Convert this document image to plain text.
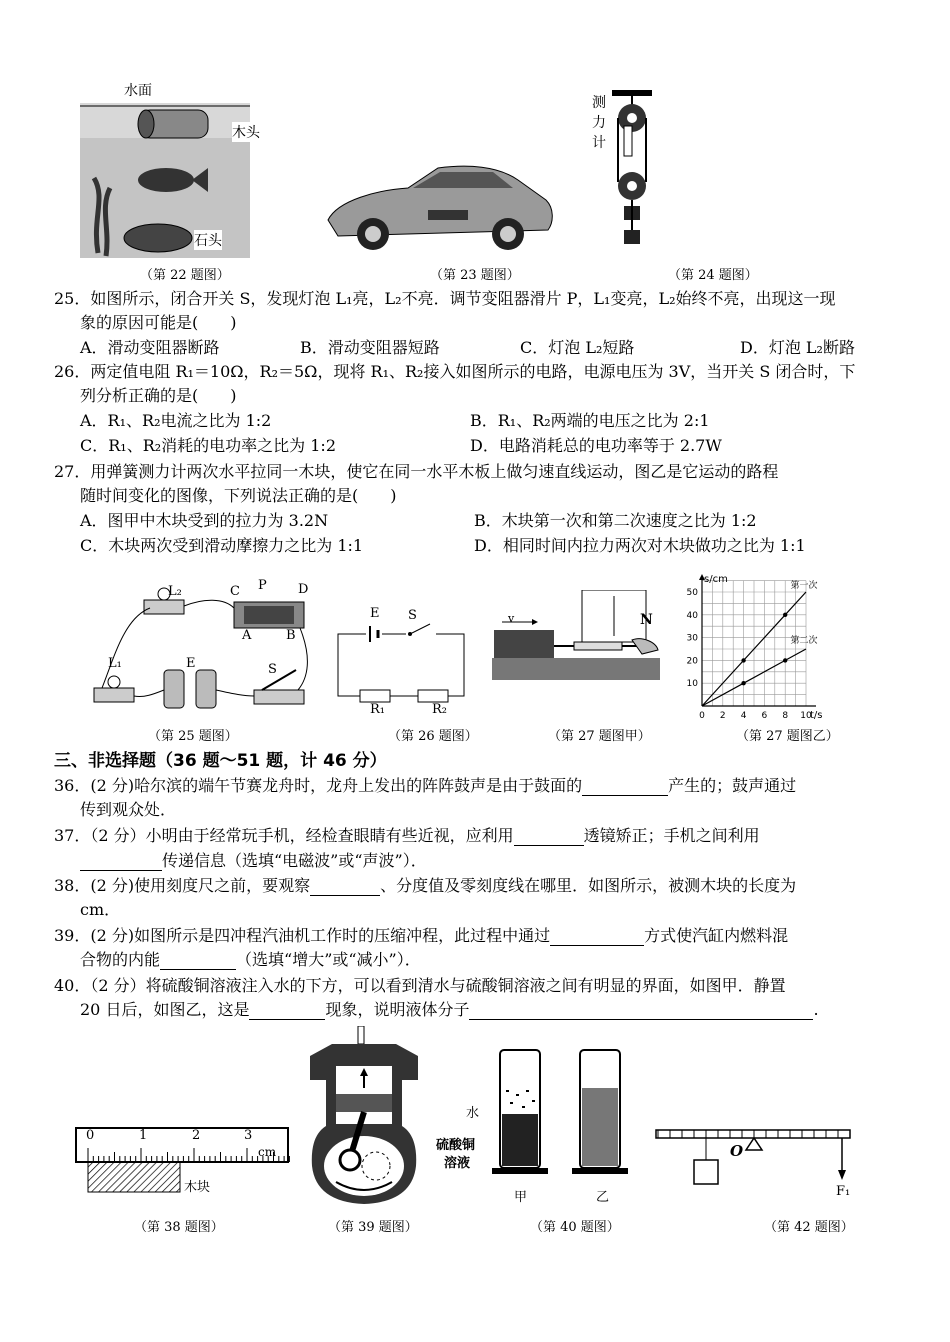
水面
木头
石头
（第 22 题图）	（第 23 题图）
测
力
计
（第 24 题图）
25．如图所示，闭合开关 S，发现灯泡 L₁亮，L₂不亮．调节变阻器滑片 P，L₁变亮，L₂始终不亮，出现这一现
象的原因可能是(　　)
A．滑动变阻器断路	B．滑动变阻器短路	C．灯泡 L₂短路	D．灯泡 L₂断路
26．两定值电阻 R₁＝10Ω，R₂＝5Ω，现将 R₁、R₂接入如图所示的电路，电源电压为 3V，当开关 S 闭合时，下
列分析正确的是(　　)
A．R₁、R₂电流之比为 1:2	B．R₁、R₂两端的电压之比为 2:1
C．R₁、R₂消耗的电功率之比为 1:2	D．电路消耗总的电功率等于 2.7W
27．用弹簧测力计两次水平拉同一木块，使它在同一水平木板上做匀速直线运动，图乙是它运动的路程
随时间变化的图像，下列说法正确的是(　　)
A．图甲中木块受到的拉力为 3.2N	B．木块第一次和第二次速度之比为 1:2
C．木块两次受到滑动摩擦力之比为 1:1	D．相同时间内拉力两次对木块做功之比为 1:1
L₂	C P D
A	B
L₁	E	S
（第 25 题图）
E S
R₁	R₂
（第 26 题图）
v	N
（第 27 题图甲）
0 2 4 6 8 10
10
20
30
40
50
t/s
s/cm
第一次
第二次
（第 27 题图乙）
三、非选择题（36 题～51 题，计 46 分）
36．(2 分)哈尔滨的端午节赛龙舟时，龙舟上发出的阵阵鼓声是由于鼓面的	产生的；鼓声通过
传到观众处．
37．（2 分）小明由于经常玩手机，经检查眼睛有些近视，应利用	透镜矫正；手机之间利用
传递信息（选填“电磁波”或“声波”）．
38．(2 分)使用刻度尺之前，要观察	、分度值及零刻度线在哪里．如图所示，被测木块的长度为
cm．
39．(2 分)如图所示是四冲程汽油机工作时的压缩冲程，此过程中通过	方式使汽缸内燃料混
合物的内能	（选填“增大”或“减小”）．
40．（2 分）将硫酸铜溶液注入水的下方，可以看到清水与硫酸铜溶液之间有明显的界面，如图甲．静置
20 日后，如图乙，这是	现象，说明液体分子	.
0	1	2	3
cm
木块
（第 38 题图）	（第 39 题图）
水
硫酸铜
溶液
甲	乙
（第 40 题图）
O
F₁
（第 42 题图）
